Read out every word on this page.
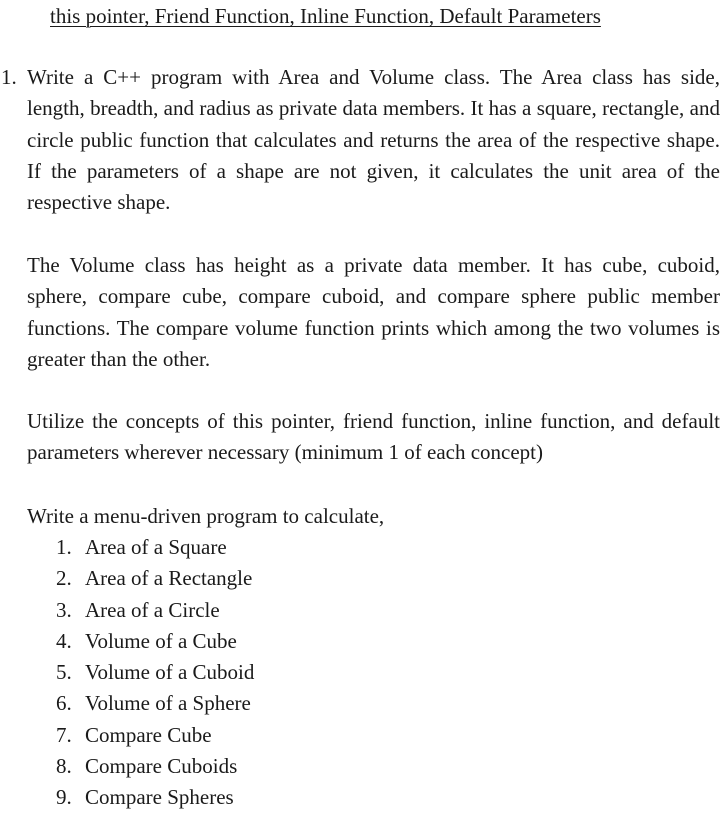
this pointer, Friend Function, Inline Function, Default Parameters
1. Write a C++ program with Area and Volume class. The Area class has side, length, breadth, and radius as private data members. It has a square, rectangle, and circle public function that calculates and returns the area of the respective shape. If the parameters of a shape are not given, it calculates the unit area of the respective shape.

The Volume class has height as a private data member. It has cube, cuboid, sphere, compare cube, compare cuboid, and compare sphere public member functions. The compare volume function prints which among the two volumes is greater than the other.

Utilize the concepts of this pointer, friend function, inline function, and default parameters wherever necessary (minimum 1 of each concept)

Write a menu-driven program to calculate,

1. Area of a Square
2. Area of a Rectangle
3. Area of a Circle
4. Volume of a Cube
5. Volume of a Cuboid
6. Volume of a Sphere
7. Compare Cube
8. Compare Cuboids
9. Compare Spheres
